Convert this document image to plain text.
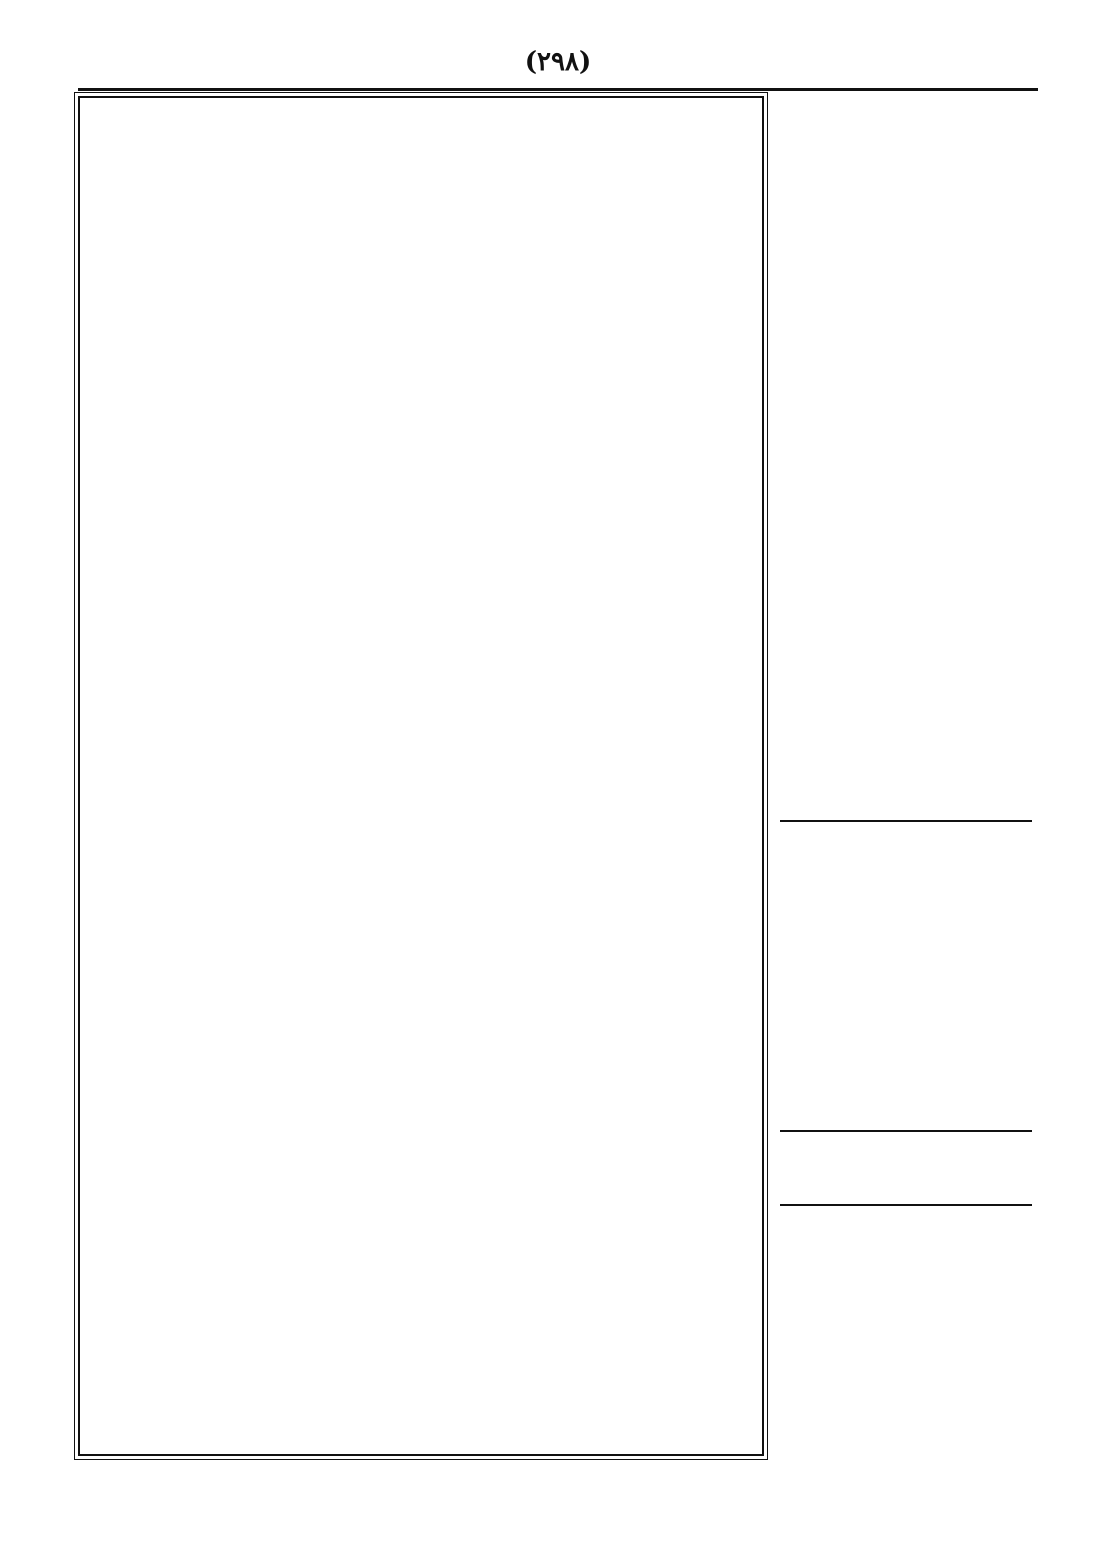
(٢٩٨)
